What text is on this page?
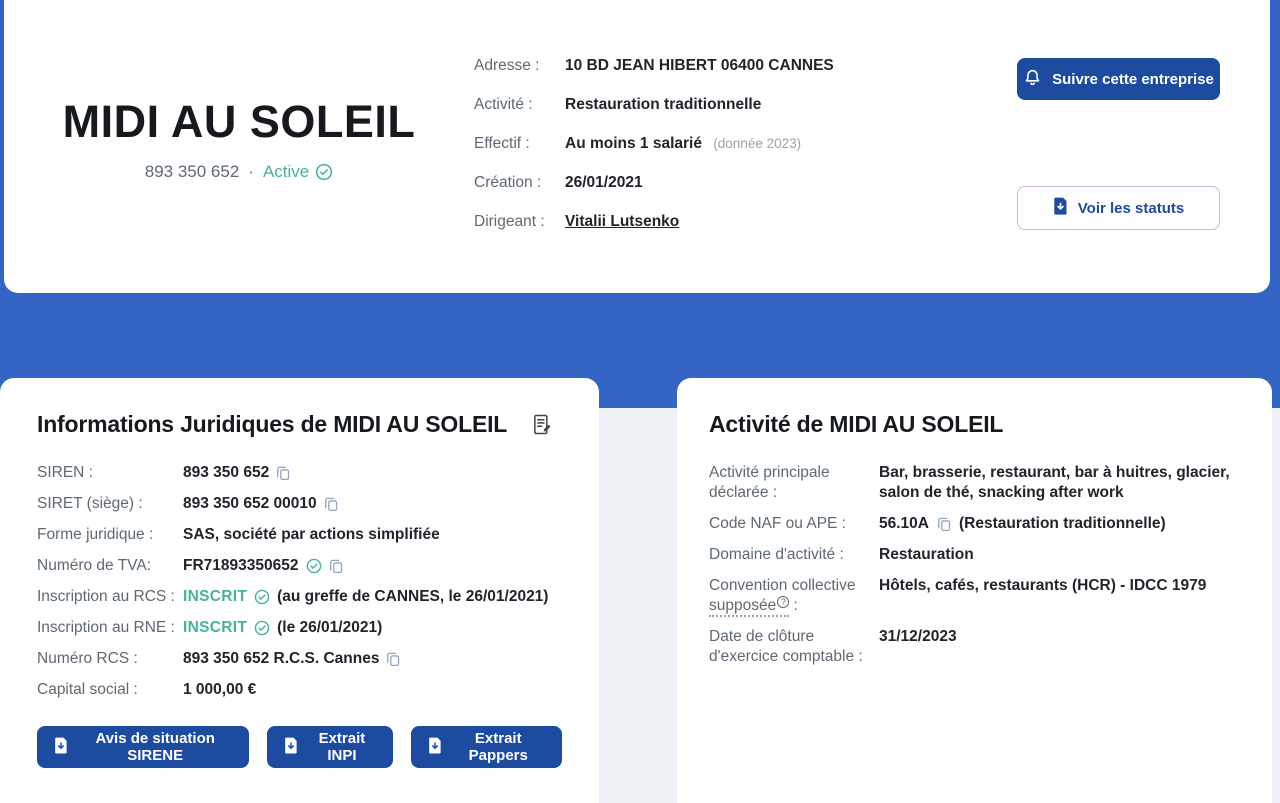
MIDI AU SOLEIL
893 350 652 · Active
Adresse :	10 BD JEAN HIBERT 06400 CANNES
Activité :	Restauration traditionnelle
Effectif :	Au moins 1 salarié (donnée 2023)
Création :	26/01/2021
Dirigeant :	Vitalii Lutsenko
Suivre cette entreprise
Voir les statuts
Informations Juridiques de MIDI AU SOLEIL
SIREN :	893 350 652
SIRET (siège) :	893 350 652 00010
Forme juridique :	SAS, société par actions simplifiée
Numéro de TVA:	FR71893350652
Inscription au RCS : INSCRIT (au greffe de CANNES, le 26/01/2021)
Inscription au RNE : INSCRIT (le 26/01/2021)
Numéro RCS :	893 350 652 R.C.S. Cannes
Capital social :	1 000,00 €
Avis de situation SIRENE
Extrait INPI
Extrait Pappers
Activité de MIDI AU SOLEIL
Activité principale déclarée :
Bar, brasserie, restaurant, bar à huitres, glacier, salon de thé, snacking after work
Code NAF ou APE :	56.10A (Restauration traditionnelle)
Domaine d'activité :	Restauration
Convention collective
supposée ? :
Hôtels, cafés, restaurants (HCR) - IDCC 1979
Date de clôture d'exercice comptable :
31/12/2023
